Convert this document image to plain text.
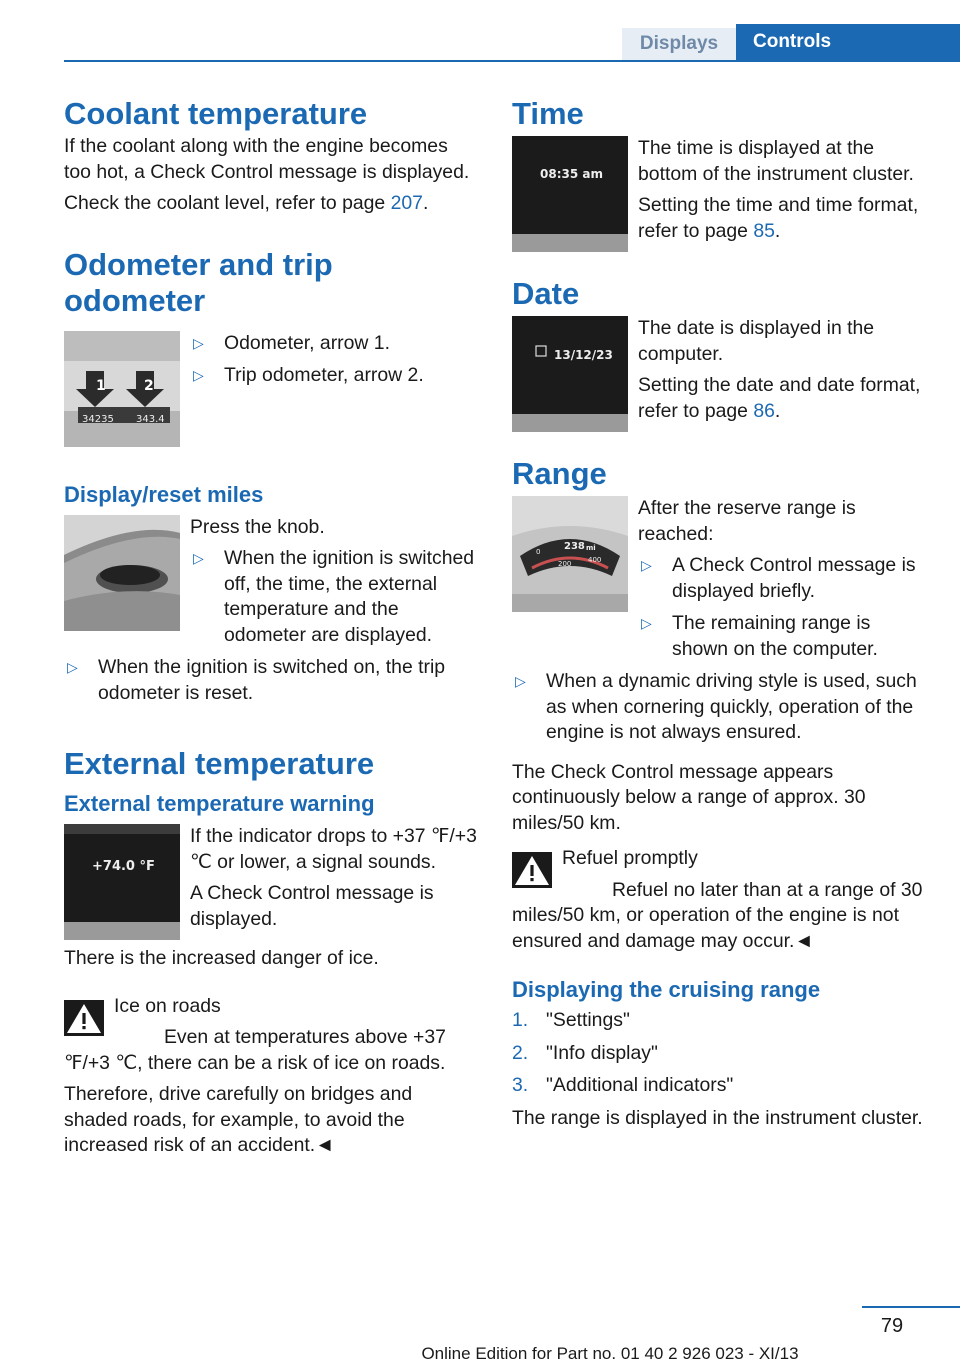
Displays	Controls
Coolant temperature

If the coolant along with the engine becomes too hot, a Check Control message is displayed.

Check the coolant level, refer to page 207.

Odometer and trip odometer
1	2
34235 343.4
▷ Odometer, arrow 1.
▷ Trip odometer, arrow 2.
Display/reset miles

Press the knob.

▷ When the ignition is switched off, the time, the external temperature and the odometer are displayed.
▷ When the ignition is switched on, the trip odometer is reset.
External temperature
External temperature warning
+74.0 °F

If the indicator drops to +37 ℉/+3 ℃ or lower, a signal sounds.

A Check Control message is displayed.

There is the increased danger of ice.

Ice on roads

Even at temperatures above +37 ℉/+3 ℃, there can be a risk of ice on roads.

Therefore, drive carefully on bridges and shaded roads, for example, to avoid the increased risk of an accident.◄

Time
08:35 am

The time is displayed at the bottom of the instrument cluster.

Setting the time and time format, refer to page 85.

Date
13/12/23

The date is displayed in the computer.

Setting the date and date format, refer to page 86.

Range
238 mi
0
200 400

After the reserve range is reached:

▷ A Check Control message is displayed briefly.
▷ The remaining range is shown on the computer.
▷ When a dynamic driving style is used, such as when cornering quickly, operation of the engine is not always ensured.

The Check Control message appears continuously below a range of approx. 30 miles/50 km.

Refuel promptly

Refuel no later than at a range of 30 miles/50 km, or operation of the engine is not ensured and damage may occur.◄

Displaying the cruising range
1. "Settings"
2. "Info display"
3. "Additional indicators"

The range is displayed in the instrument cluster.

79
Online Edition for Part no. 01 40 2 926 023 - XI/13
